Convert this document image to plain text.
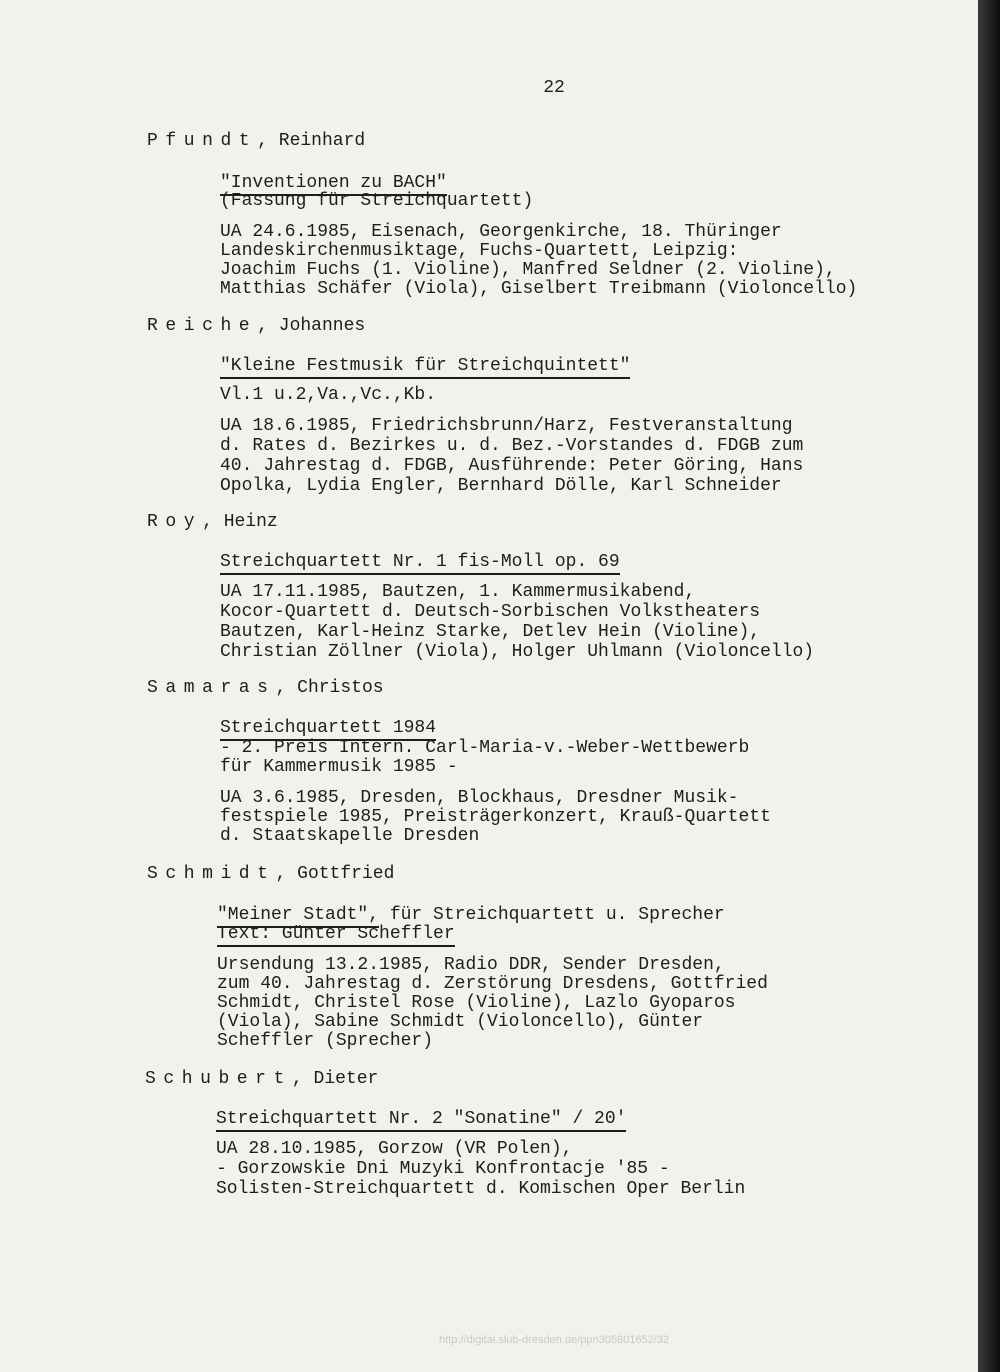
22
Pfundt, Reinhard
"Inventionen zu BACH"
(Fassung für Streichquartett)
UA 24.6.1985, Eisenach, Georgenkirche, 18. Thüringer
Landeskirchenmusiktage, Fuchs-Quartett, Leipzig:
Joachim Fuchs (1. Violine), Manfred Seldner (2. Violine),
Matthias Schäfer (Viola), Giselbert Treibmann (Violoncello)
Reiche, Johannes
"Kleine Festmusik für Streichquintett"
Vl.1 u.2,Va.,Vc.,Kb.
UA 18.6.1985, Friedrichsbrunn/Harz, Festveranstaltung
d. Rates d. Bezirkes u. d. Bez.-Vorstandes d. FDGB zum
40. Jahrestag d. FDGB, Ausführende: Peter Göring, Hans
Opolka, Lydia Engler, Bernhard Dölle, Karl Schneider
Roy, Heinz
Streichquartett Nr. 1 fis-Moll op. 69
UA 17.11.1985, Bautzen, 1. Kammermusikabend,
Kocor-Quartett d. Deutsch-Sorbischen Volkstheaters
Bautzen, Karl-Heinz Starke, Detlev Hein (Violine),
Christian Zöllner (Viola), Holger Uhlmann (Violoncello)
Samaras, Christos
Streichquartett 1984
- 2. Preis Intern. Carl-Maria-v.-Weber-Wettbewerb
für Kammermusik 1985 -
UA 3.6.1985, Dresden, Blockhaus, Dresdner Musik-
festspiele 1985, Preisträgerkonzert, Krauß-Quartett
d. Staatskapelle Dresden
Schmidt, Gottfried
"Meiner Stadt", für Streichquartett u. Sprecher
Text: Günter Scheffler
Ursendung 13.2.1985, Radio DDR, Sender Dresden,
zum 40. Jahrestag d. Zerstörung Dresdens, Gottfried
Schmidt, Christel Rose (Violine), Lazlo Gyoparos
(Viola), Sabine Schmidt (Violoncello), Günter
Scheffler (Sprecher)
Schubert, Dieter
Streichquartett Nr. 2 "Sonatine" / 20'
UA 28.10.1985, Gorzow (VR Polen),
- Gorzowskie Dni Muzyki Konfrontacje '85 -
Solisten-Streichquartett d. Komischen Oper Berlin
http://digital.slub-dresden.de/ppn305801652/32
